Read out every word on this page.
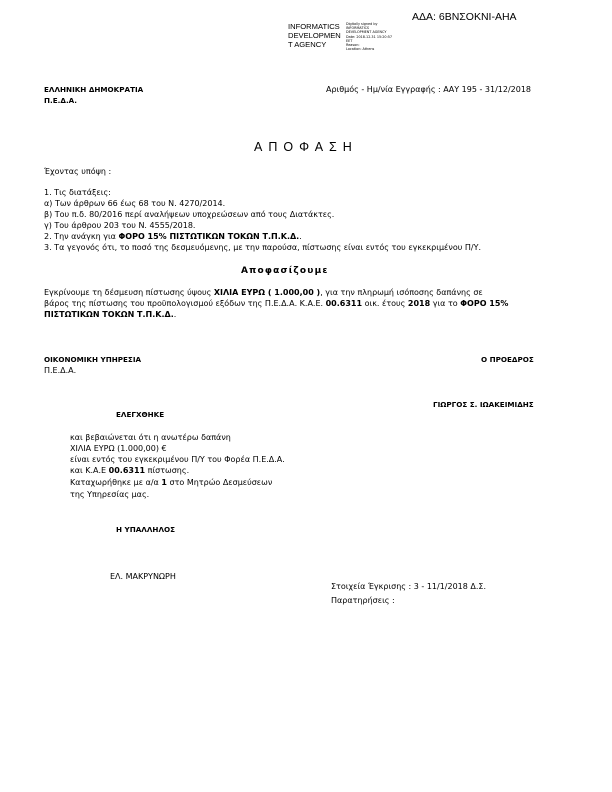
ΑΔΑ: 6ΒΝΣΟΚΝΙ-ΑΗΑ
INFORMATICS
DEVELOPMEN
T AGENCY
Digitally signed by
INFORMATICS
DEVELOPMENT AGENCY
Date: 2018.12.31 15:20:57
EET
Reason:
Location: Athens
ΕΛΛΗΝΙΚΗ ΔΗΜΟΚΡΑΤΙΑ
Π.Ε.Δ.Α.
Αριθμός - Ημ/νία Εγγραφής : ΑΑΥ 195 - 31/12/2018
ΑΠΟΦΑΣΗ
Έχοντας υπόψη :
1. Τις διατάξεις:
α) Των άρθρων 66 έως 68 του Ν. 4270/2014.
β) Του π.δ. 80/2016 περί αναλήψεων υποχρεώσεων από τους Διατάκτες.
γ) Του άρθρου 203 του Ν. 4555/2018.
2. Την ανάγκη για ΦΟΡΟ 15% ΠΙΣΤΩΤΙΚΩΝ ΤΟΚΩΝ Τ.Π.Κ.Δ..
3. Τα γεγονός ότι, το ποσό της δεσμευόμενης, με την παρούσα, πίστωσης είναι εντός του εγκεκριμένου Π/Υ.
Αποφασίζουμε
Εγκρίνουμε τη δέσμευση πίστωσης ύψους ΧΙΛΙΑ ΕΥΡΩ ( 1.000,00 ), για την πληρωμή ισόποσης δαπάνης σε
βάρος της πίστωσης του προϋπολογισμού εξόδων της Π.Ε.Δ.Α. Κ.Α.Ε. 00.6311 οικ. έτους 2018 για το ΦΟΡΟ 15%
ΠΙΣΤΩΤΙΚΩΝ ΤΟΚΩΝ Τ.Π.Κ.Δ..
ΟΙΚΟΝΟΜΙΚΗ ΥΠΗΡΕΣΙΑ
Π.Ε.Δ.Α.
Ο ΠΡΟΕΔΡΟΣ
ΓΙΩΡΓΟΣ Σ. ΙΩΑΚΕΙΜΙΔΗΣ
ΕΛΕΓΧΘΗΚΕ
και βεβαιώνεται ότι η ανωτέρω δαπάνη
ΧΙΛΙΑ ΕΥΡΩ (1.000,00) €
είναι εντός του εγκεκριμένου Π/Υ του Φορέα Π.Ε.Δ.Α.
και Κ.Α.Ε 00.6311 πίστωσης.
Καταχωρήθηκε με α/α 1 στο Μητρώο Δεσμεύσεων
της Υπηρεσίας μας.
Η ΥΠΑΛΛΗΛΟΣ
ΕΛ. ΜΑΚΡΥΝΩΡΗ
Στοιχεία Έγκρισης : 3 - 11/1/2018 Δ.Σ.
Παρατηρήσεις :
